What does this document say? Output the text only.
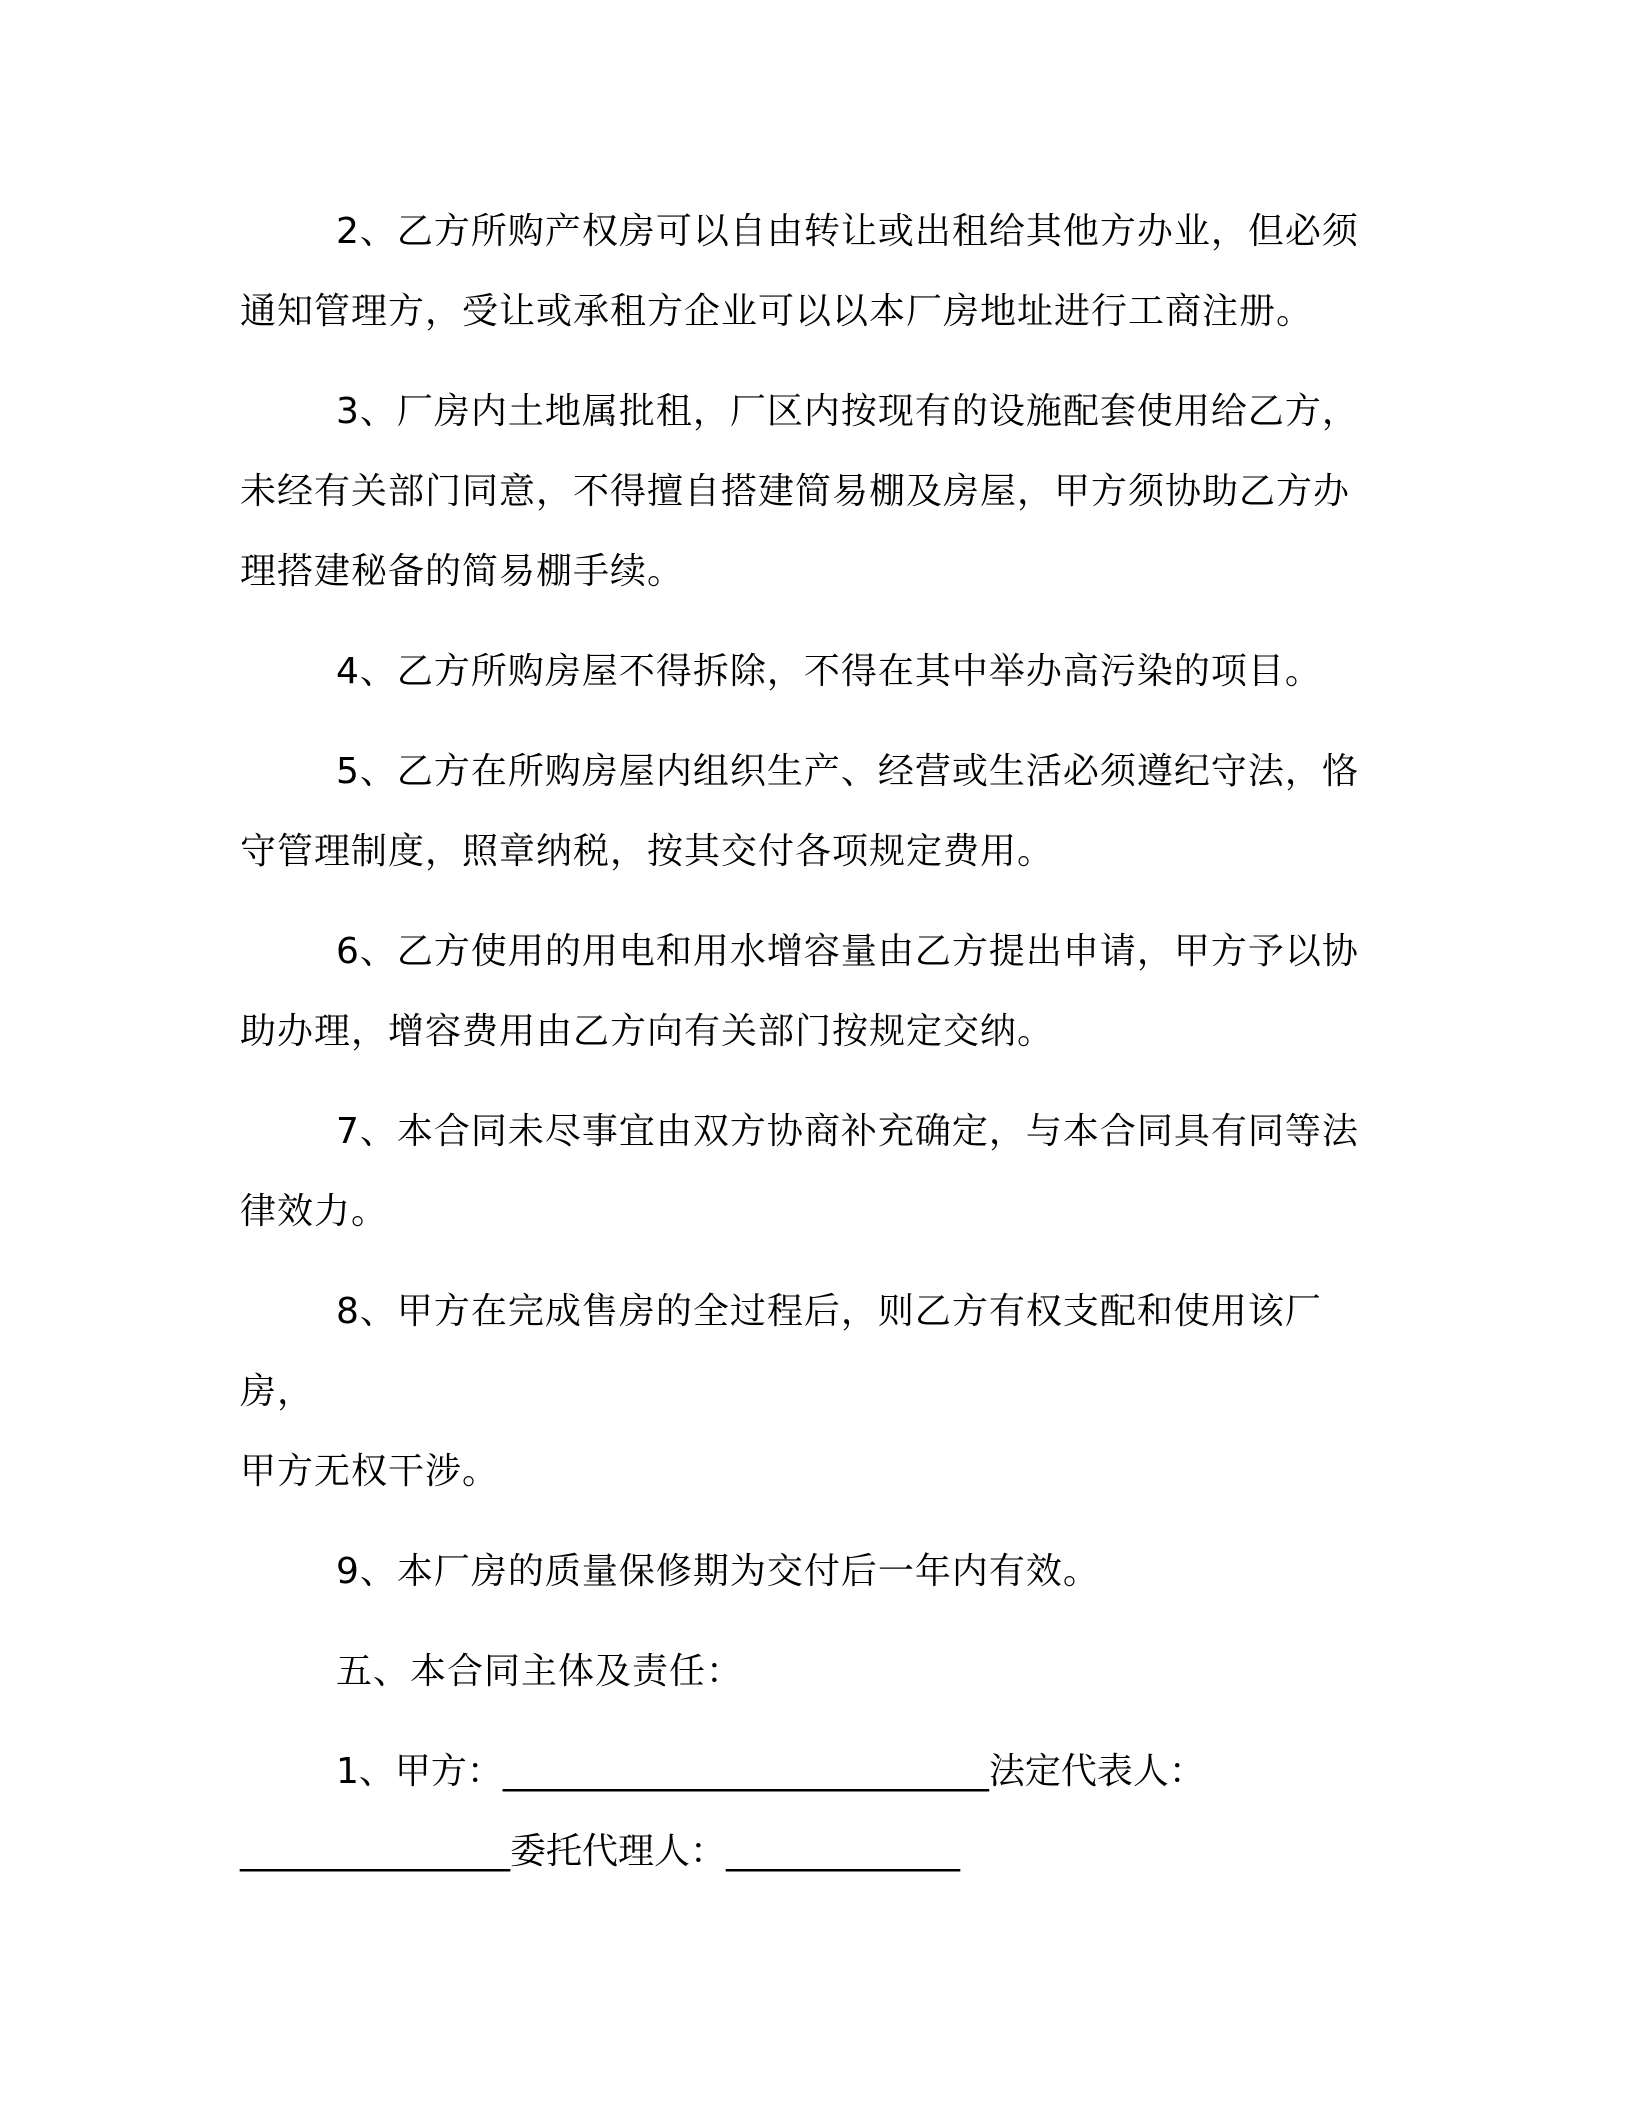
2、乙方所购产权房可以自由转让或出租给其他方办业，但必须
通知管理方，受让或承租方企业可以以本厂房地址进行工商注册。

3、厂房内土地属批租，厂区内按现有的设施配套使用给乙方，
未经有关部门同意，不得擅自搭建简易棚及房屋，甲方须协助乙方办
理搭建秘备的简易棚手续。

4、乙方所购房屋不得拆除，不得在其中举办高污染的项目。

5、乙方在所购房屋内组织生产、经营或生活必须遵纪守法，恪
守管理制度，照章纳税，按其交付各项规定费用。

6、乙方使用的用电和用水增容量由乙方提出申请，甲方予以协
助办理，增容费用由乙方向有关部门按规定交纳。

7、本合同未尽事宜由双方协商补充确定，与本合同具有同等法
律效力。

8、甲方在完成售房的全过程后，则乙方有权支配和使用该厂房，
甲方无权干涉。

9、本厂房的质量保修期为交付后一年内有效。

五、本合同主体及责任：

1、甲方：___________________________法定代表人：
_______________委托代理人：_____________
